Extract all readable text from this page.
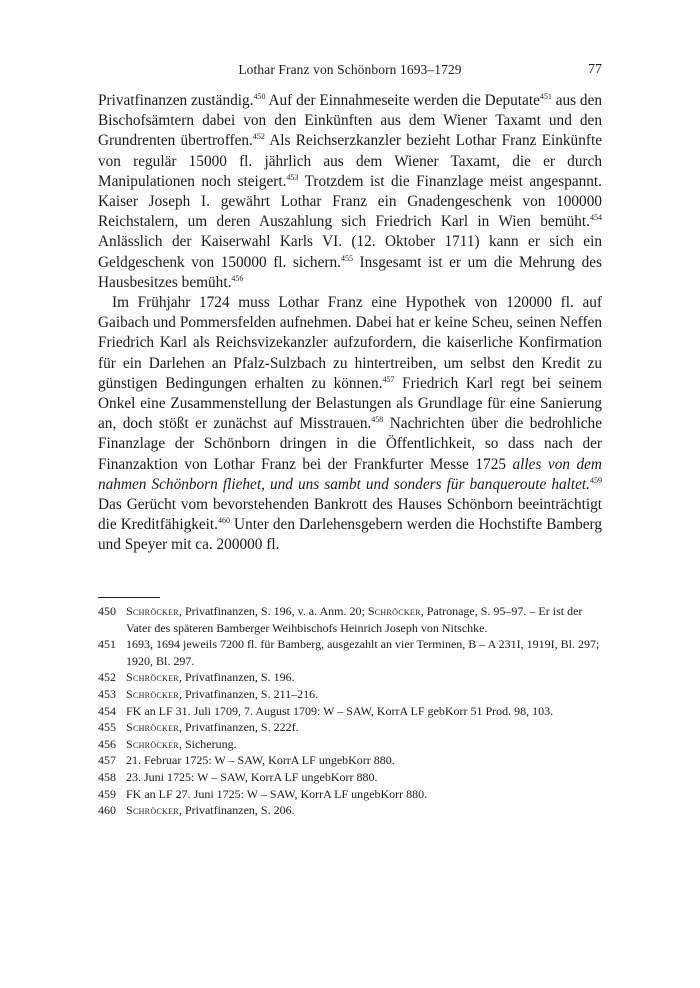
Lothar Franz von Schönborn 1693–1729	77

Privatfinanzen zuständig.$^{450}$ Auf der Einnahmeseite werden die Deputate$^{451}$ aus den Bischofsämtern dabei von den Einkünften aus dem Wiener Taxamt und den Grundrenten übertroffen.$^{452}$ Als Reichserzkanzler bezieht Lothar Franz Einkünfte von regulär 15000 fl. jährlich aus dem Wiener Taxamt, die er durch Manipulationen noch steigert.$^{453}$ Trotzdem ist die Finanzlage meist angespannt. Kaiser Joseph I. gewährt Lothar Franz ein Gnadengeschenk von 100000 Reichstalern, um deren Auszahlung sich Friedrich Karl in Wien bemüht.$^{454}$ Anlässlich der Kaiserwahl Karls VI. (12. Oktober 1711) kann er sich ein Geldgeschenk von 150000 fl. sichern.$^{455}$ Insgesamt ist er um die Mehrung des Hausbesitzes bemüht.$^{456}$

Im Frühjahr 1724 muss Lothar Franz eine Hypothek von 120000 fl. auf Gaibach und Pommersfelden aufnehmen. Dabei hat er keine Scheu, seinen Neffen Friedrich Karl als Reichsvizekanzler aufzufordern, die kaiserliche Konfirmation für ein Darlehen an Pfalz-Sulzbach zu hintertreiben, um selbst den Kredit zu günstigen Bedingungen erhalten zu können.$^{457}$ Friedrich Karl regt bei seinem Onkel eine Zusammenstellung der Belastungen als Grundlage für eine Sanierung an, doch stößt er zunächst auf Misstrauen.$^{458}$ Nachrichten über die bedrohliche Finanzlage der Schönborn dringen in die Öffentlichkeit, so dass nach der Finanzaktion von Lothar Franz bei der Frankfurter Messe 1725 alles von dem nahmen Schönborn fliehet, und uns sambt und sonders für banqueroute haltet.$^{459}$ Das Gerücht vom bevorstehenden Bankrott des Hauses Schönborn beeinträchtigt die Kreditfähigkeit.$^{460}$ Unter den Darlehensgebern werden die Hochstifte Bamberg und Speyer mit ca. 200000 fl.

450 Schröcker, Privatfinanzen, S. 196, v. a. Anm. 20; Schröcker, Patronage, S. 95–97. – Er ist der Vater des späteren Bamberger Weihbischofs Heinrich Joseph von Nitschke.
451 1693, 1694 jeweils 7200 fl. für Bamberg, ausgezahlt an vier Terminen, B – A 231I, 1919I, Bl. 297; 1920, Bl. 297.
452 Schröcker, Privatfinanzen, S. 196.
453 Schröcker, Privatfinanzen, S. 211–216.
454 FK an LF 31. Juli 1709, 7. August 1709: W – SAW, KorrA LF gebKorr 51 Prod. 98, 103.
455 Schröcker, Privatfinanzen, S. 222f.
456 Schröcker, Sicherung.
457 21. Februar 1725: W – SAW, KorrA LF ungebKorr 880.
458 23. Juni 1725: W – SAW, KorrA LF ungebKorr 880.
459 FK an LF 27. Juni 1725: W – SAW, KorrA LF ungebKorr 880.
460 Schröcker, Privatfinanzen, S. 206.
